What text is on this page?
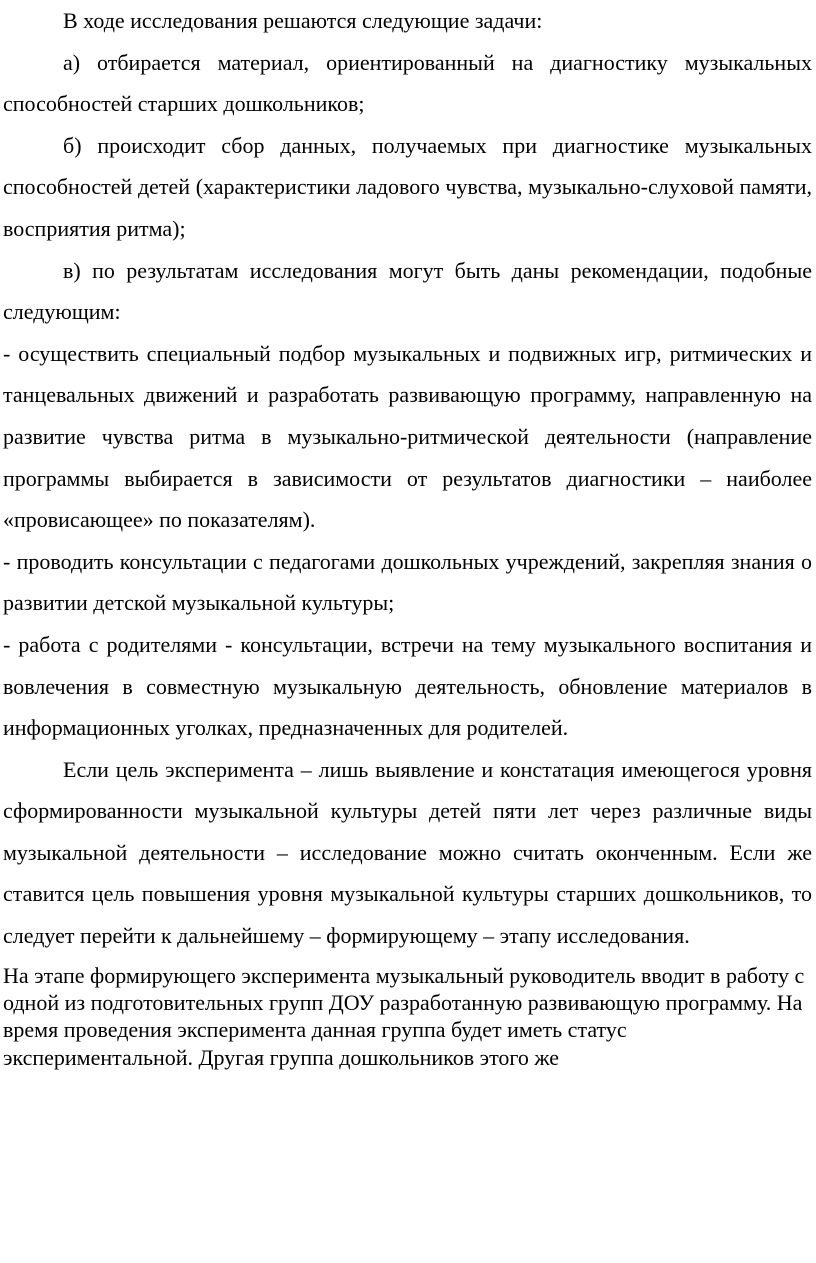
В ходе исследования решаются следующие задачи:

а) отбирается материал, ориентированный на диагностику музыкальных способностей старших дошкольников;

б) происходит сбор данных, получаемых при диагностике музыкальных способностей детей (характеристики ладового чувства, музыкально-слуховой памяти, восприятия ритма);

в) по результатам исследования могут быть даны рекомендации, подобные следующим:

- осуществить специальный подбор музыкальных и подвижных игр, ритмических и танцевальных движений и разработать развивающую программу, направленную на развитие чувства ритма в музыкально-ритмической деятельности (направление программы выбирается в зависимости от результатов диагностики – наиболее «провисающее» по показателям).

- проводить консультации с педагогами дошкольных учреждений, закрепляя знания о развитии детской музыкальной культуры;

- работа с родителями - консультации, встречи на тему музыкального воспитания и вовлечения в совместную музыкальную деятельность, обновление материалов в информационных уголках, предназначенных для родителей.

Если цель эксперимента – лишь выявление и констатация имеющегося уровня сформированности музыкальной культуры детей пяти лет через различные виды музыкальной деятельности – исследование можно считать оконченным. Если же ставится цель повышения уровня музыкальной культуры старших дошкольников, то следует перейти к дальнейшему – формирующему – этапу исследования.

На этапе формирующего эксперимента музыкальный руководитель вводит в работу с одной из подготовительных групп ДОУ разработанную развивающую программу. На время проведения эксперимента данная группа будет иметь статус экспериментальной. Другая группа дошкольников этого же
